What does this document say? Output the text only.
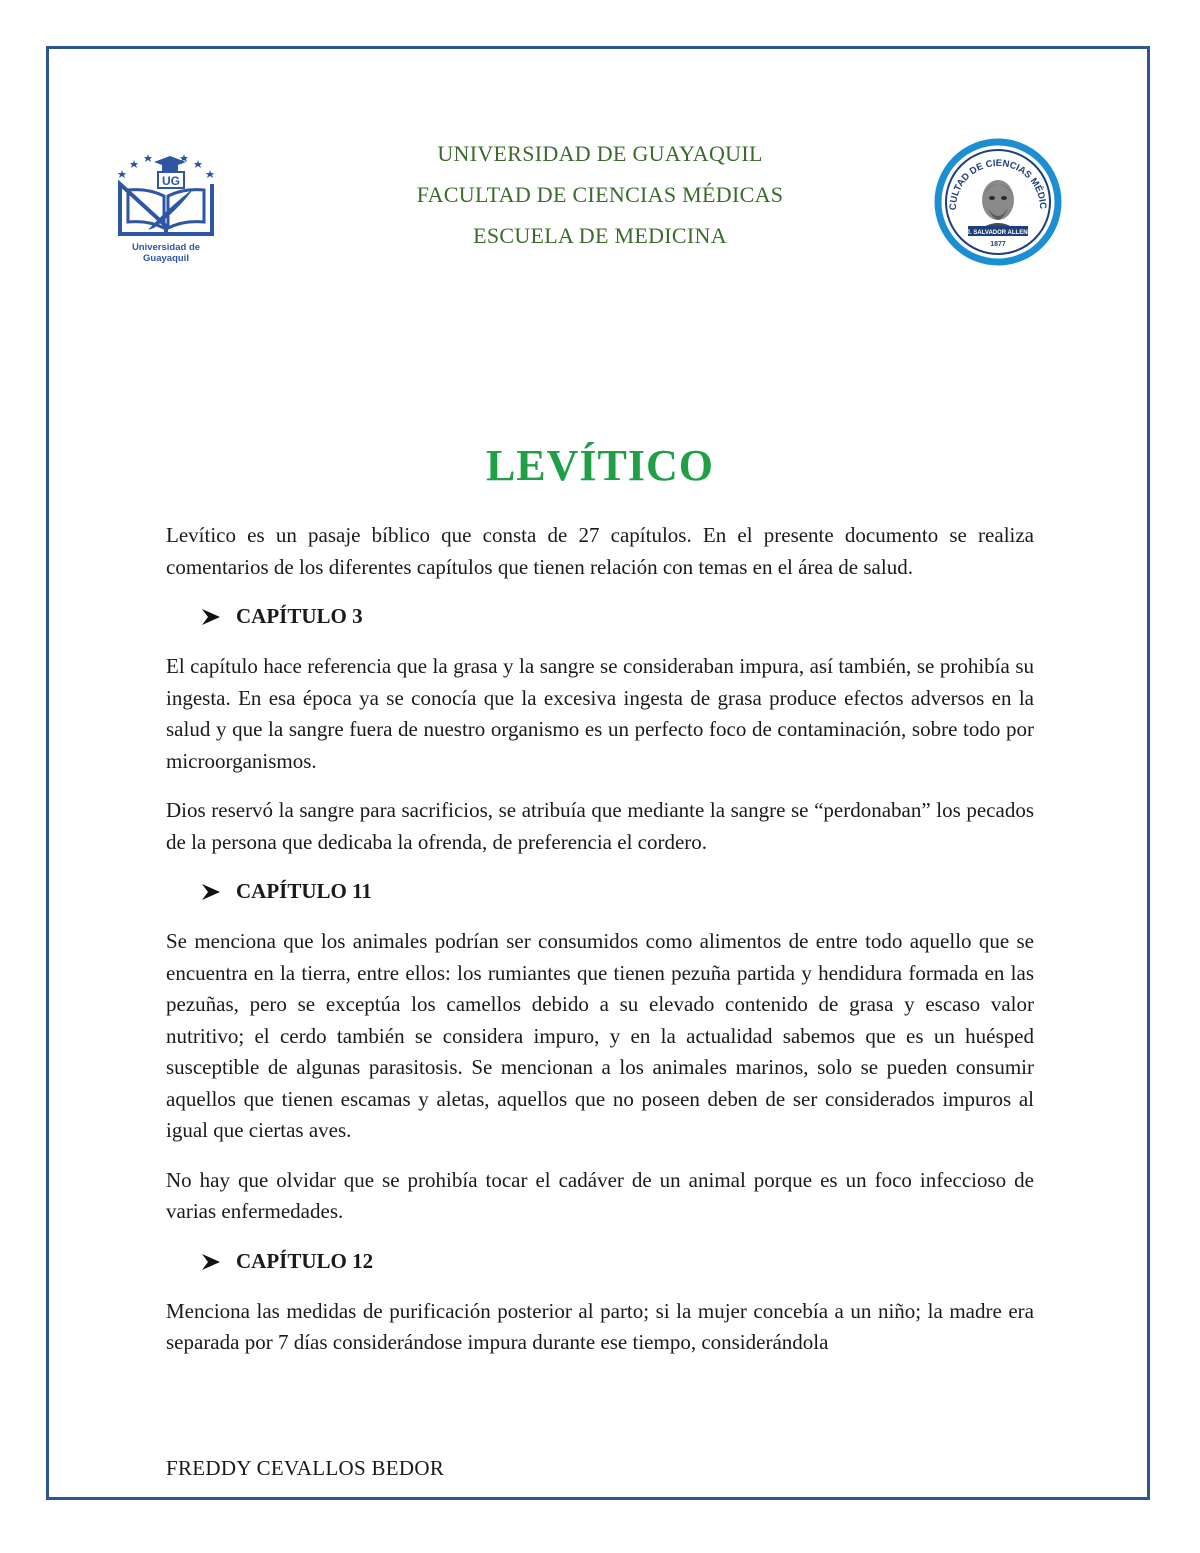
UG
Universidad de Guayaquil
UNIVERSIDAD DE GUAYAQUIL
FACULTAD DE CIENCIAS MÉDICAS
ESCUELA DE MEDICINA
CULTAD DE CIENCIAS MÉDIC
P. J. SALVADOR ALLENDE
1877
LEVÍTICO

Levítico es un pasaje bíblico que consta de 27 capítulos. En el presente documento se realiza comentarios de los diferentes capítulos que tienen relación con temas en el área de salud.

CAPÍTULO 3

El capítulo hace referencia que la grasa y la sangre se consideraban impura, así también, se prohibía su ingesta. En esa época ya se conocía que la excesiva ingesta de grasa produce efectos adversos en la salud y que la sangre fuera de nuestro organismo es un perfecto foco de contaminación, sobre todo por microorganismos.

Dios reservó la sangre para sacrificios, se atribuía que mediante la sangre se “perdonaban” los pecados de la persona que dedicaba la ofrenda, de preferencia el cordero.

CAPÍTULO 11

Se menciona que los animales podrían ser consumidos como alimentos de entre todo aquello que se encuentra en la tierra, entre ellos: los rumiantes que tienen pezuña partida y hendidura formada en las pezuñas, pero se exceptúa los camellos debido a su elevado contenido de grasa y escaso valor nutritivo; el cerdo también se considera impuro, y en la actualidad sabemos que es un huésped susceptible de algunas parasitosis. Se mencionan a los animales marinos, solo se pueden consumir aquellos que tienen escamas y aletas, aquellos que no poseen deben de ser considerados impuros al igual que ciertas aves.

No hay que olvidar que se prohibía tocar el cadáver de un animal porque es un foco infeccioso de varias enfermedades.

CAPÍTULO 12

Menciona las medidas de purificación posterior al parto; si la mujer concebía a un niño; la madre era separada por 7 días considerándose impura durante ese tiempo, considerándola

FREDDY CEVALLOS BEDOR
